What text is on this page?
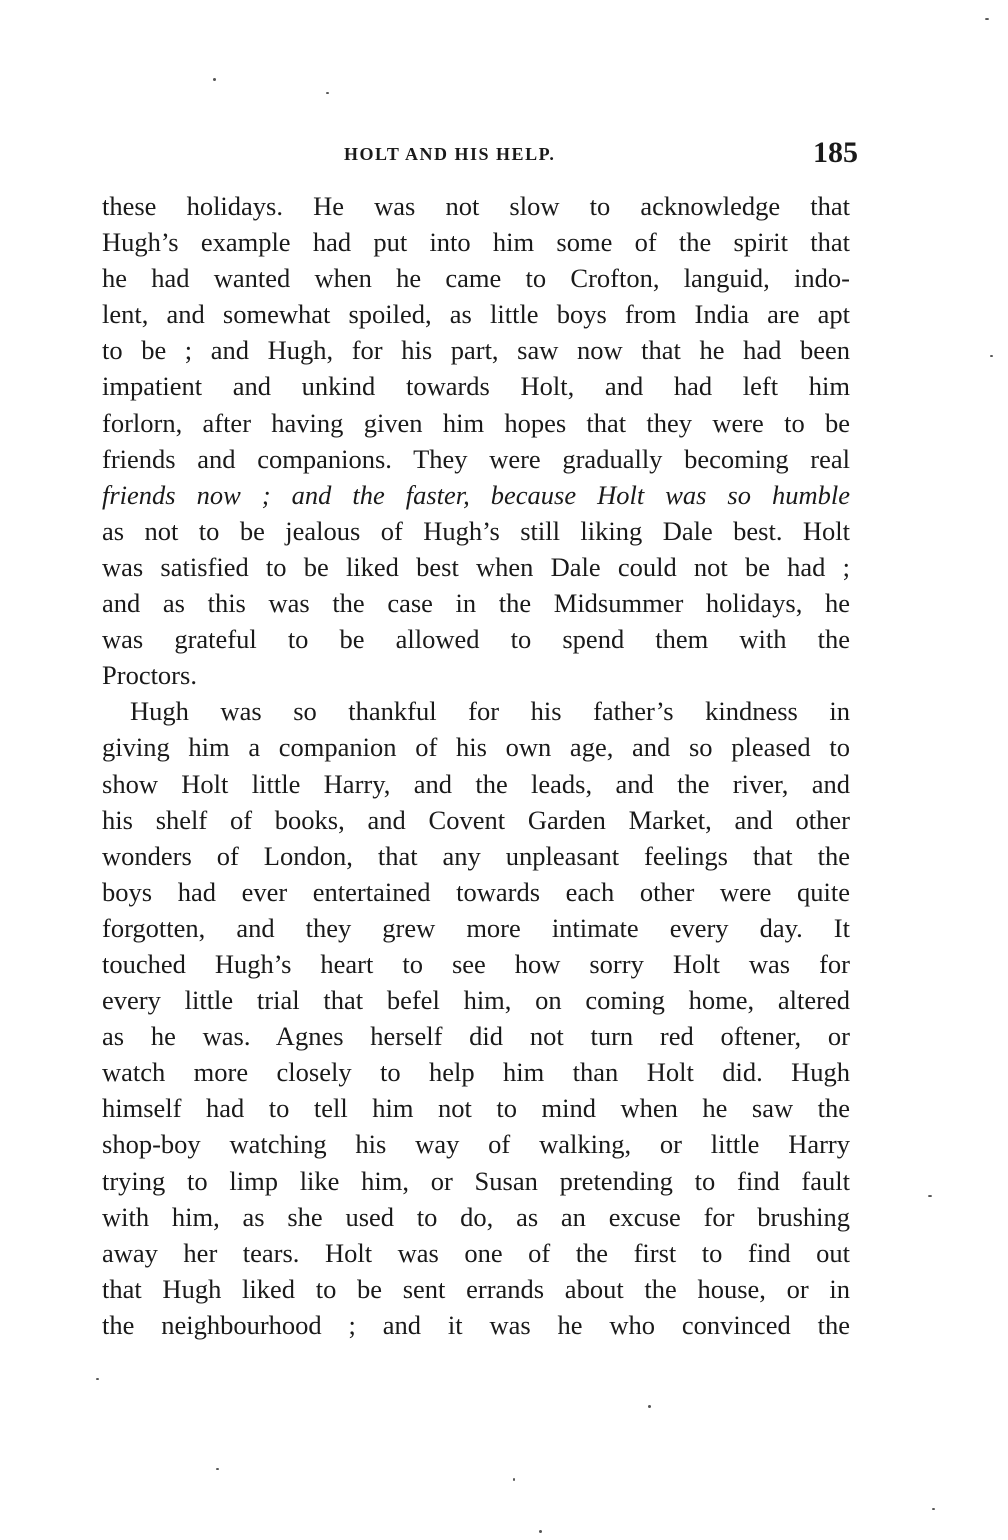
HOLT AND HIS HELP.	185
these holidays. He was not slow to acknowledge that
Hugh’s example had put into him some of the spirit that
he had wanted when he came to Crofton, languid, indo-
lent, and somewhat spoiled, as little boys from India are apt
to be ; and Hugh, for his part, saw now that he had been
impatient and unkind towards Holt, and had left him
forlorn, after having given him hopes that they were to be
friends and companions. They were gradually becoming real
friends now ; and the faster, because Holt was so humble
as not to be jealous of Hugh’s still liking Dale best. Holt
was satisfied to be liked best when Dale could not be had ;
and as this was the case in the Midsummer holidays, he
was grateful to be allowed to spend them with the
Proctors.
Hugh was so thankful for his father’s kindness in
giving him a companion of his own age, and so pleased to
show Holt little Harry, and the leads, and the river, and
his shelf of books, and Covent Garden Market, and other
wonders of London, that any unpleasant feelings that the
boys had ever entertained towards each other were quite
forgotten, and they grew more intimate every day. It
touched Hugh’s heart to see how sorry Holt was for
every little trial that befel him, on coming home, altered
as he was. Agnes herself did not turn red oftener, or
watch more closely to help him than Holt did. Hugh
himself had to tell him not to mind when he saw the
shop-boy watching his way of walking, or little Harry
trying to limp like him, or Susan pretending to find fault
with him, as she used to do, as an excuse for brushing
away her tears. Holt was one of the first to find out
that Hugh liked to be sent errands about the house, or in
the neighbourhood ; and it was he who convinced the
